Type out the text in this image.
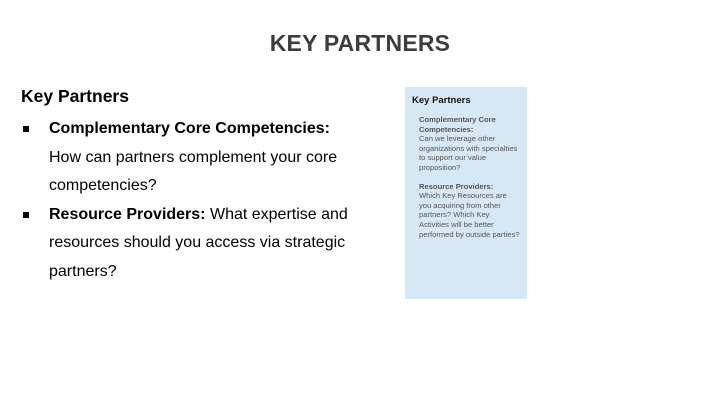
KEY PARTNERS
Key Partners
Complementary Core Competencies:
How can partners complement your core competencies?
Resource Providers: What expertise and resources should you access via strategic partners?
Key Partners
Complementary Core Competencies:
Can we leverage other organizations with specialties to support our value proposition?
Resource Providers:
Which Key Resources are you acquiring from other partners? Which Key Activities will be better performed by outside parties?
